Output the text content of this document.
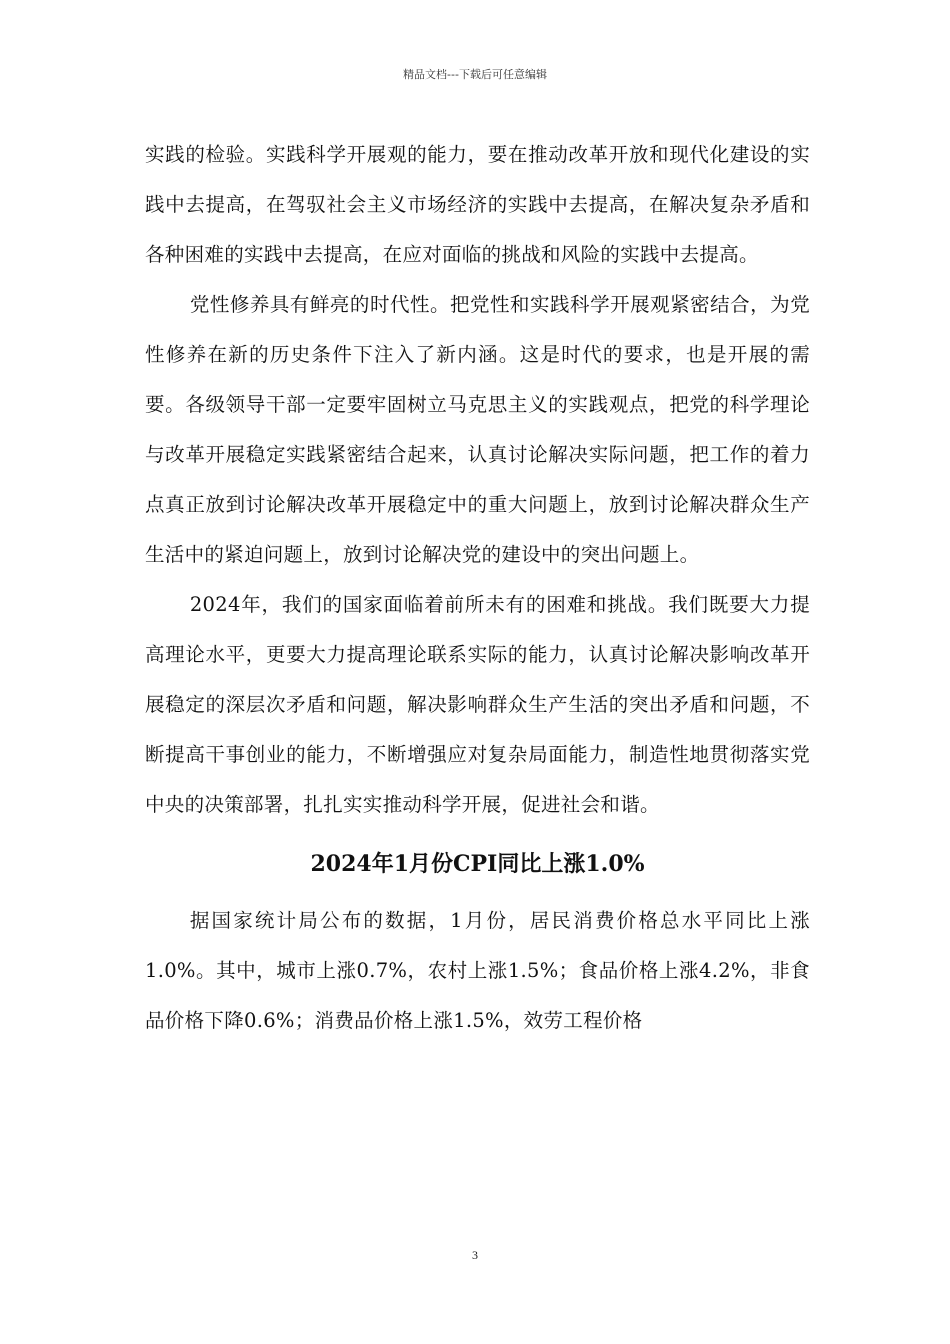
精品文档---下载后可任意编辑

实践的检验。实践科学开展观的能力，要在推动改革开放和现代化建设的实践中去提高，在驾驭社会主义市场经济的实践中去提高，在解决复杂矛盾和各种困难的实践中去提高，在应对面临的挑战和风险的实践中去提高。

党性修养具有鲜亮的时代性。把党性和实践科学开展观紧密结合，为党性修养在新的历史条件下注入了新内涵。这是时代的要求，也是开展的需要。各级领导干部一定要牢固树立马克思主义的实践观点，把党的科学理论与改革开展稳定实践紧密结合起来，认真讨论解决实际问题，把工作的着力点真正放到讨论解决改革开展稳定中的重大问题上，放到讨论解决群众生产生活中的紧迫问题上，放到讨论解决党的建设中的突出问题上。

2024年，我们的国家面临着前所未有的困难和挑战。我们既要大力提高理论水平，更要大力提高理论联系实际的能力，认真讨论解决影响改革开展稳定的深层次矛盾和问题，解决影响群众生产生活的突出矛盾和问题，不断提高干事创业的能力，不断增强应对复杂局面能力，制造性地贯彻落实党中央的决策部署，扎扎实实推动科学开展，促进社会和谐。

2024年1月份CPI同比上涨1.0%

据国家统计局公布的数据，1月份，居民消费价格总水平同比上涨1.0%。其中，城市上涨0.7%，农村上涨1.5%；食品价格上涨4.2%，非食品价格下降0.6%；消费品价格上涨1.5%，效劳工程价格

3
